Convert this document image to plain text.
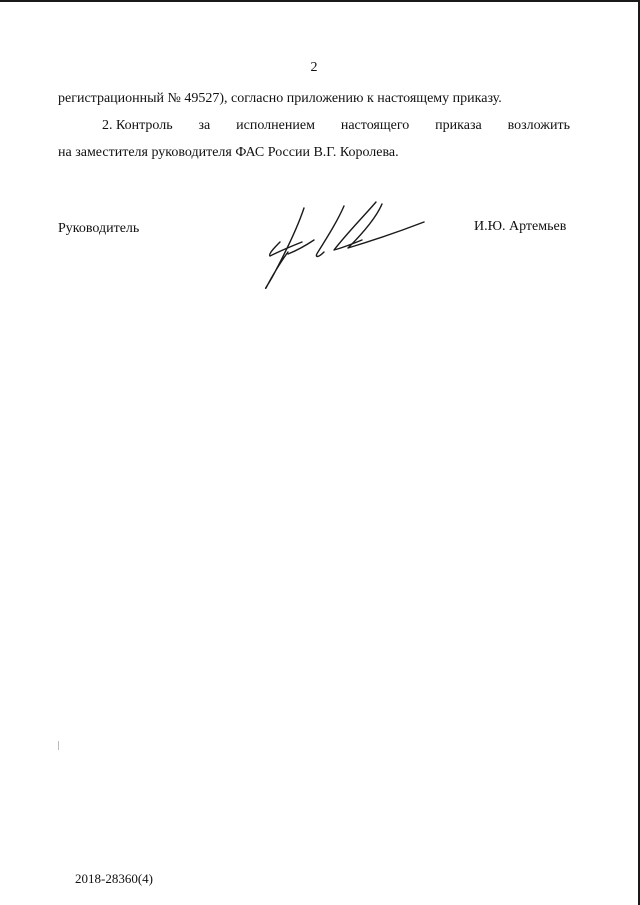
2
регистрационный № 49527), согласно приложению к настоящему приказу.
2. Контроль за исполнением настоящего приказа возложить
на заместителя руководителя ФАС России В.Г. Королева.
Руководитель	И.Ю. Артемьев
2018-28360(4)
